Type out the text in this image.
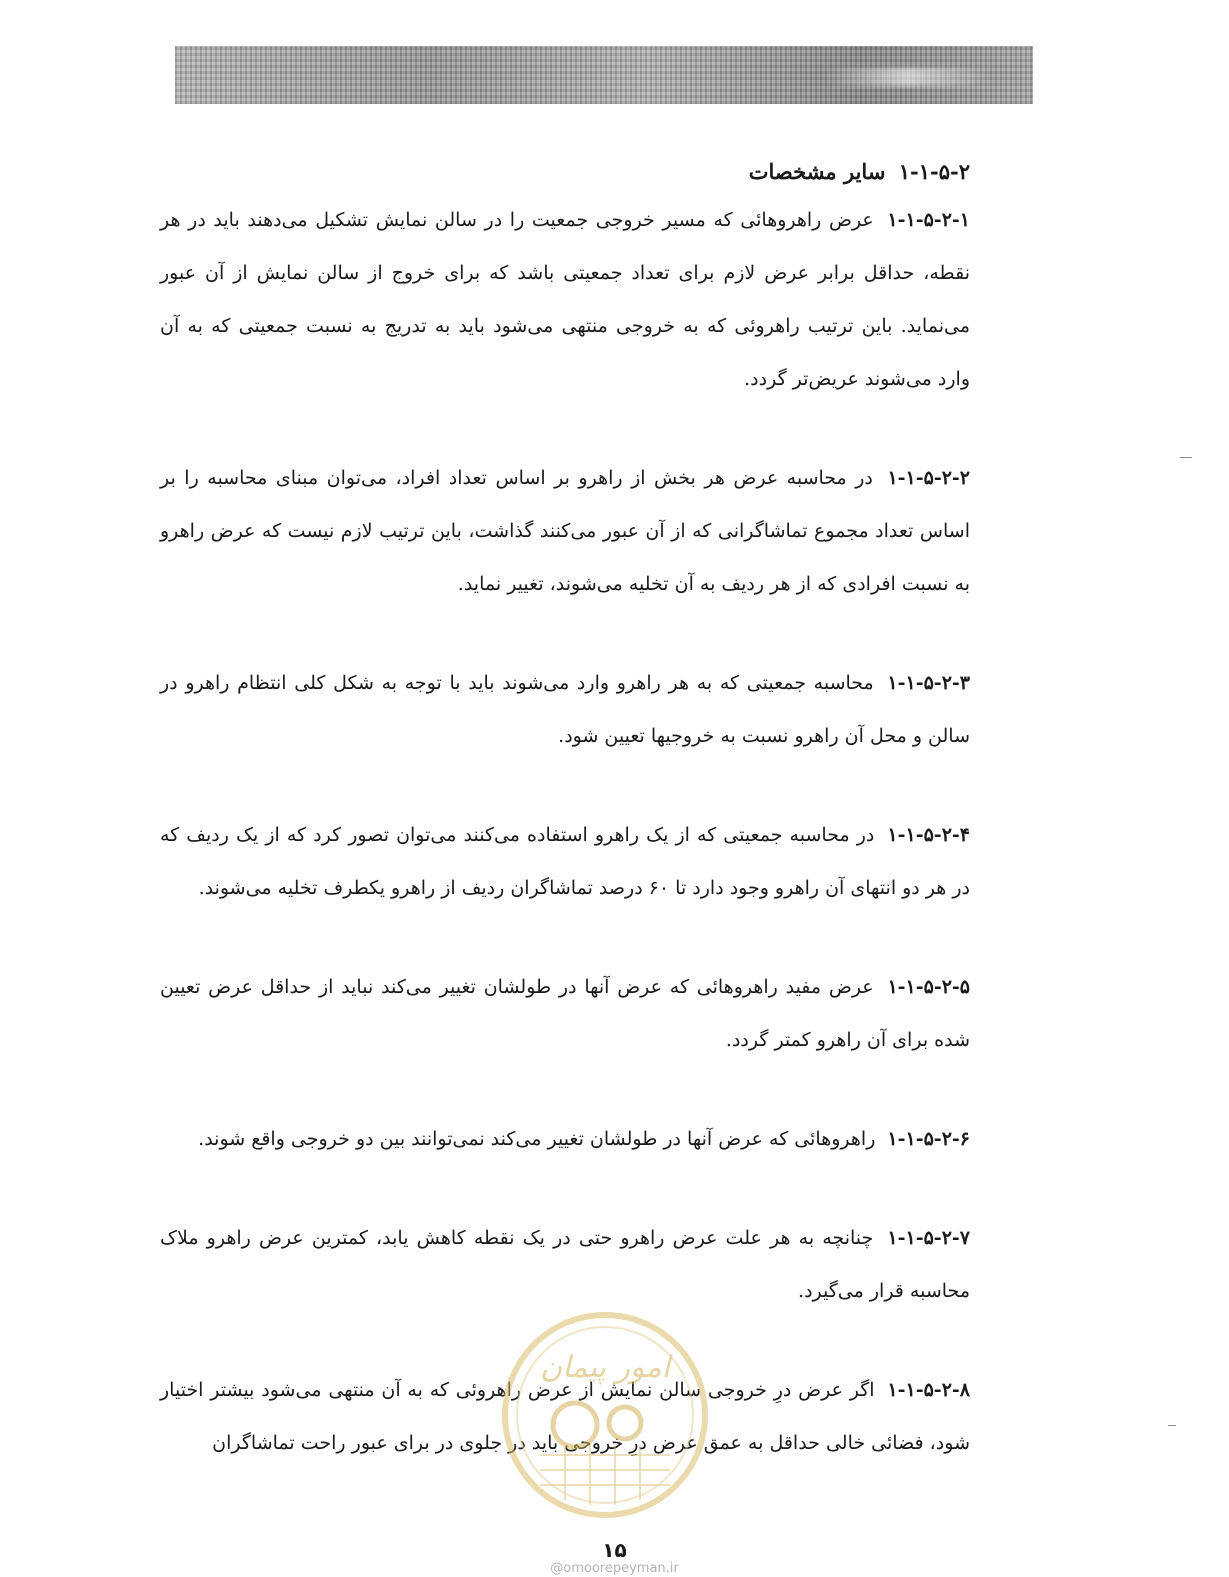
۱-۱-۵-۲ سایر مشخصات

۱-۱-۵-۲-۱ عرض راهروهائی که مسیر خروجی جمعیت را در سالن نمایش تشکیل می‌دهند باید در هر نقطه، حداقل برابر عرض لازم برای تعداد جمعیتی باشد که برای خروج از سالن نمایش از آن عبور می‌نماید. باین ترتیب راهروئی که به خروجی منتهی می‌شود باید به تدریج به نسبت جمعیتی که به آن وارد می‌شوند عریض‌تر گردد.

۱-۱-۵-۲-۲ در محاسبه عرض هر بخش از راهرو بر اساس تعداد افراد، می‌توان مبنای محاسبه را بر اساس تعداد مجموع تماشاگرانی که از آن عبور می‌کنند گذاشت، باین ترتیب لازم نیست که عرض راهرو به نسبت افرادی که از هر ردیف به آن تخلیه می‌شوند، تغییر نماید.

۱-۱-۵-۲-۳ محاسبه جمعیتی که به هر راهرو وارد می‌شوند باید با توجه به شکل کلی انتظام راهرو در سالن و محل آن راهرو نسبت به خروجیها تعیین شود.

۱-۱-۵-۲-۴ در محاسبه جمعیتی که از یک راهرو استفاده می‌کنند می‌توان تصور کرد که از یک ردیف که در هر دو انتهای آن راهرو وجود دارد تا ۶۰ درصد تماشاگران ردیف از راهرو یکطرف تخلیه می‌شوند.

۱-۱-۵-۲-۵ عرض مفید راهروهائی که عرض آنها در طولشان تغییر می‌کند نباید از حداقل عرض تعیین شده برای آن راهرو کمتر گردد.

۱-۱-۵-۲-۶ راهروهائی که عرض آنها در طولشان تغییر می‌کند نمی‌توانند بین دو خروجی واقع شوند.

۱-۱-۵-۲-۷ چنانچه به هر علت عرض راهرو حتی در یک نقطه کاهش یابد، کمترین عرض راهرو ملاک محاسبه قرار می‌گیرد.

۱-۱-۵-۲-۸ اگر عرض درِ خروجی سالن نمایش از عرض راهروئی که به آن منتهی می‌شود بیشتر اختیار شود، فضائی خالی حداقل به عمق عرض درِ خروجی باید در جلوی در برای عبور راحت تماشاگران

امور پیمان
۱۵
@omoorepeyman.ir
